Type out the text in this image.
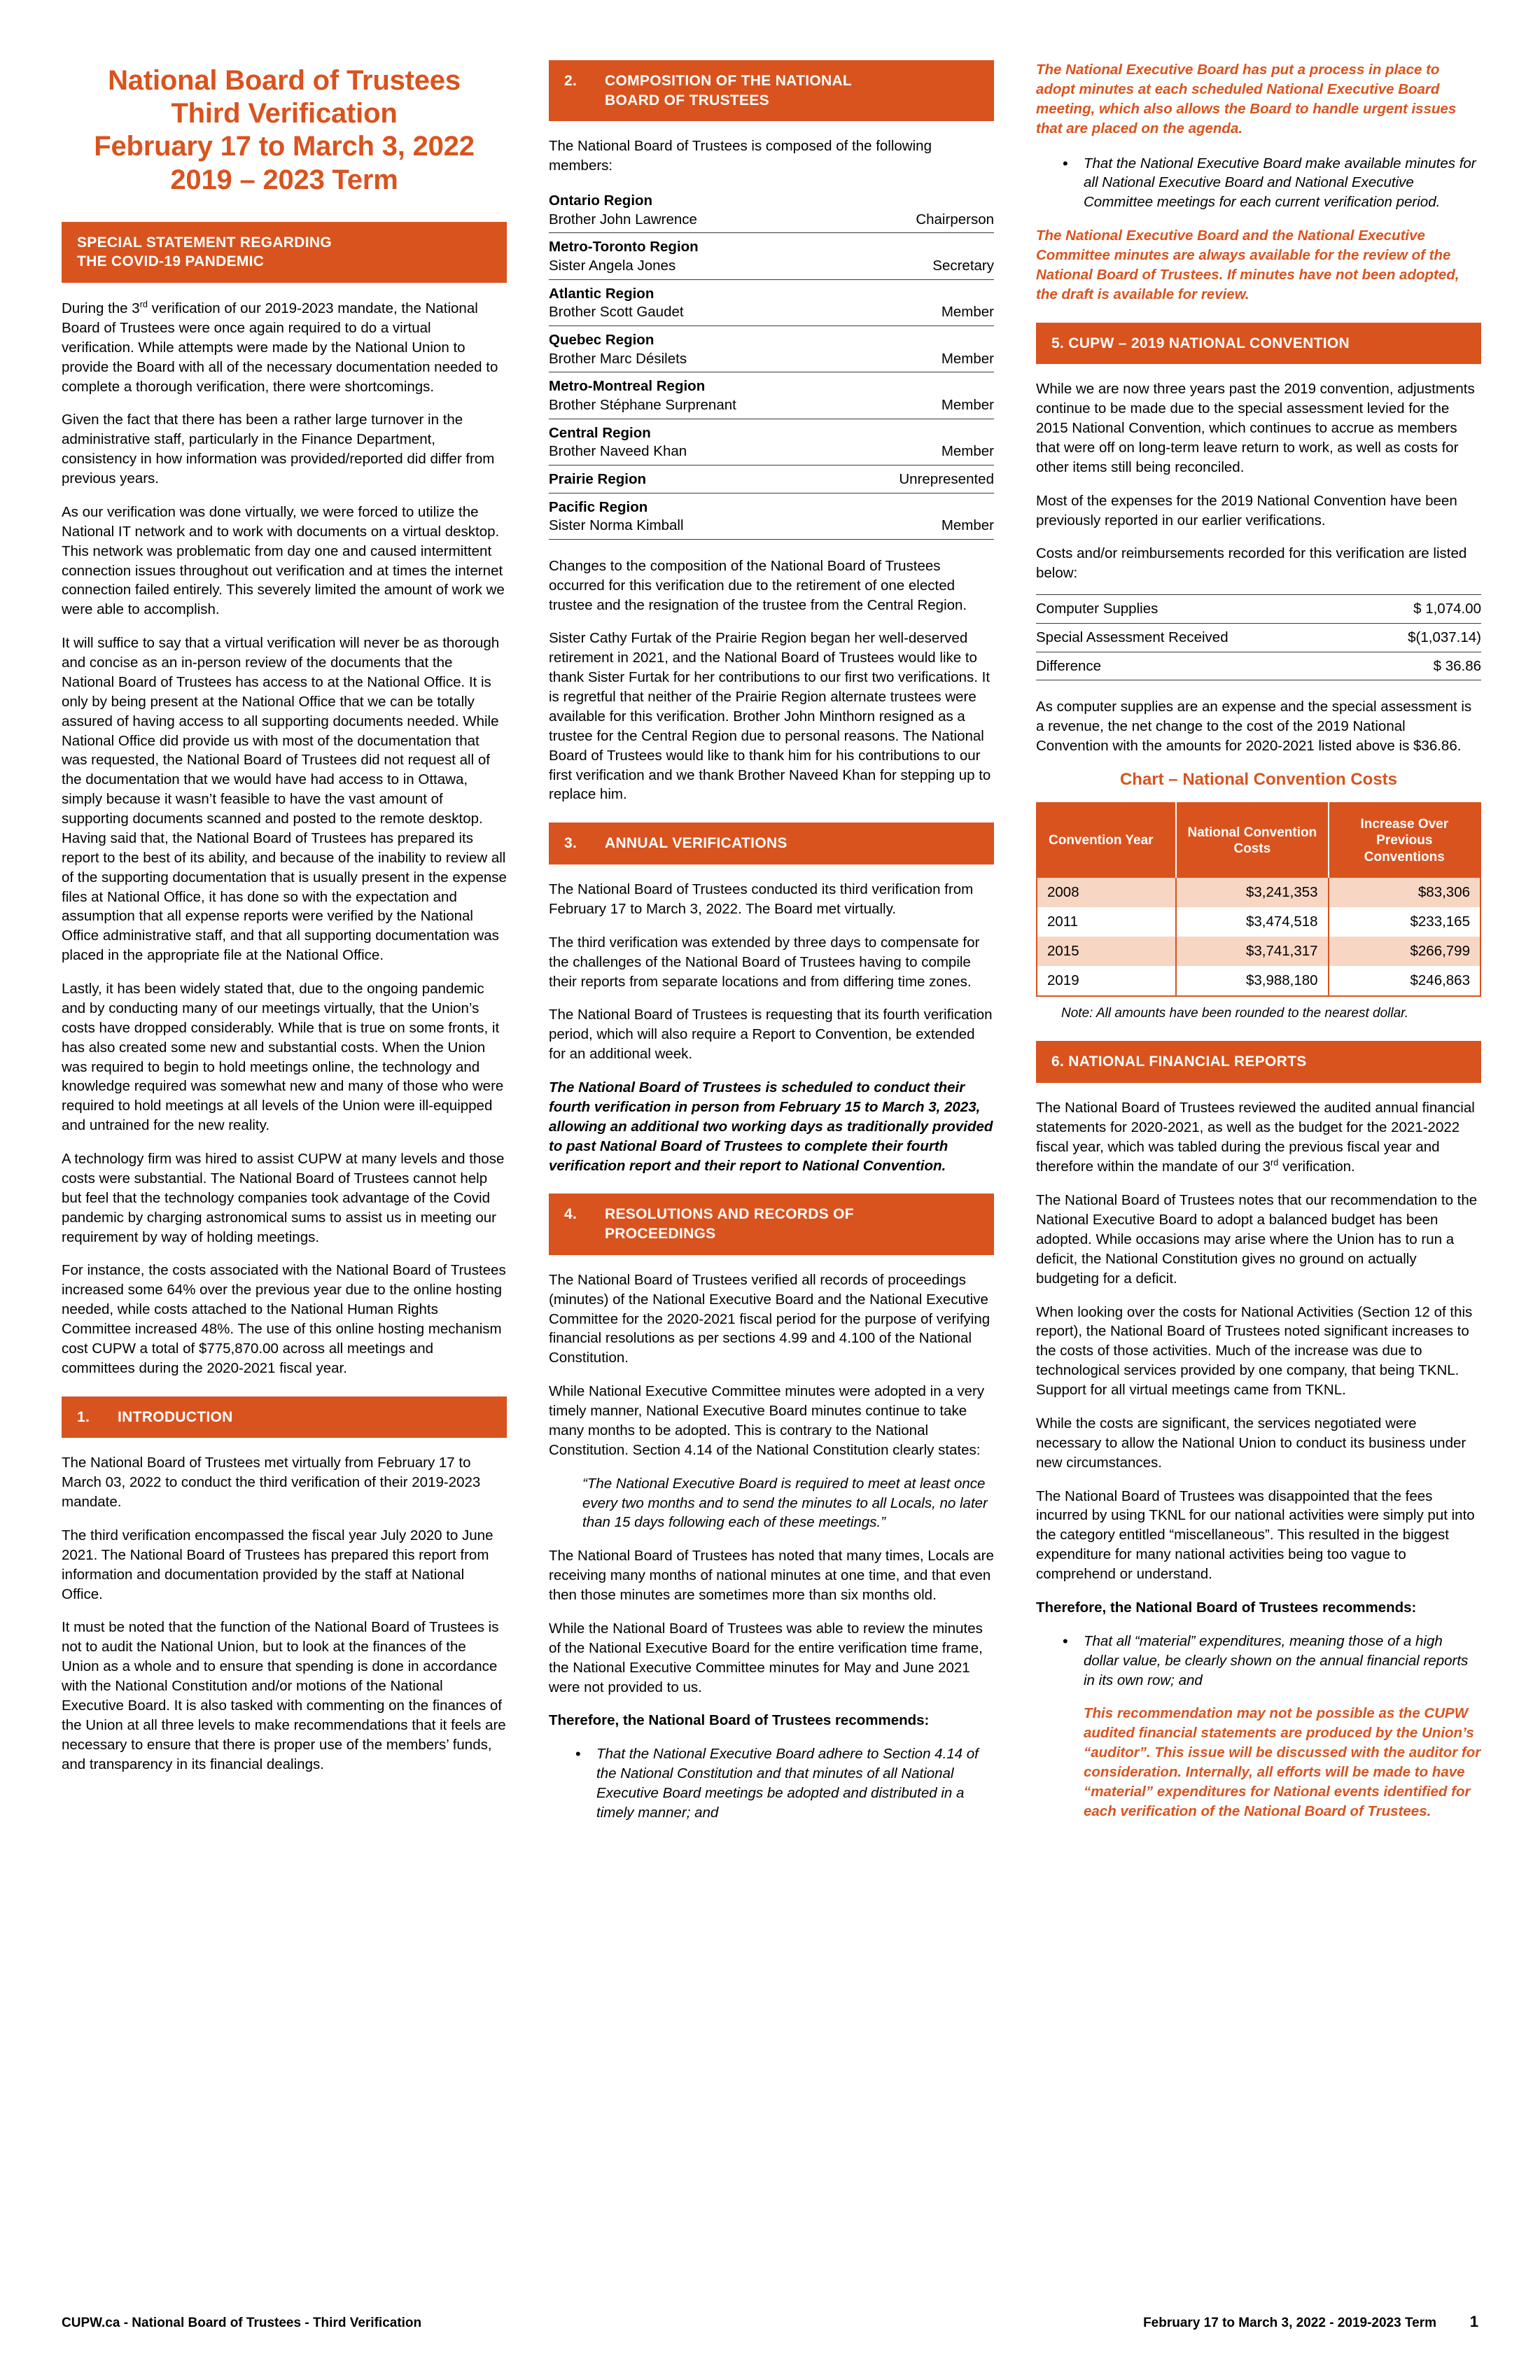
National Board of Trustees
Third Verification
February 17 to March 3, 2022
2019 – 2023 Term
SPECIAL STATEMENT REGARDING
THE COVID-19 PANDEMIC

During the 3rd verification of our 2019-2023 mandate, the National Board of Trustees were once again required to do a virtual verification. While attempts were made by the National Union to provide the Board with all of the necessary documentation needed to complete a thorough verification, there were shortcomings.

Given the fact that there has been a rather large turnover in the administrative staff, particularly in the Finance Department, consistency in how information was provided/reported did differ from previous years.

As our verification was done virtually, we were forced to utilize the National IT network and to work with documents on a virtual desktop. This network was problematic from day one and caused intermittent connection issues throughout out verification and at times the internet connection failed entirely. This severely limited the amount of work we were able to accomplish.

It will suffice to say that a virtual verification will never be as thorough and concise as an in-person review of the documents that the National Board of Trustees has access to at the National Office. It is only by being present at the National Office that we can be totally assured of having access to all supporting documents needed. While National Office did provide us with most of the documentation that was requested, the National Board of Trustees did not request all of the documentation that we would have had access to in Ottawa, simply because it wasn’t feasible to have the vast amount of supporting documents scanned and posted to the remote desktop. Having said that, the National Board of Trustees has prepared its report to the best of its ability, and because of the inability to review all of the supporting documentation that is usually present in the expense files at National Office, it has done so with the expectation and assumption that all expense reports were verified by the National Office administrative staff, and that all supporting documentation was placed in the appropriate file at the National Office.

Lastly, it has been widely stated that, due to the ongoing pandemic and by conducting many of our meetings virtually, that the Union’s costs have dropped considerably. While that is true on some fronts, it has also created some new and substantial costs. When the Union was required to begin to hold meetings online, the technology and knowledge required was somewhat new and many of those who were required to hold meetings at all levels of the Union were ill-equipped and untrained for the new reality.

A technology firm was hired to assist CUPW at many levels and those costs were substantial. The National Board of Trustees cannot help but feel that the technology companies took advantage of the Covid pandemic by charging astronomical sums to assist us in meeting our requirement by way of holding meetings.

For instance, the costs associated with the National Board of Trustees increased some 64% over the previous year due to the online hosting needed, while costs attached to the National Human Rights Committee increased 48%. The use of this online hosting mechanism cost CUPW a total of $775,870.00 across all meetings and committees during the 2020-2021 fiscal year.

1.	INTRODUCTION

The National Board of Trustees met virtually from February 17 to March 03, 2022 to conduct the third verification of their 2019-2023 mandate.

The third verification encompassed the fiscal year July 2020 to June 2021. The National Board of Trustees has prepared this report from information and documentation provided by the staff at National Office.

It must be noted that the function of the National Board of Trustees is not to audit the National Union, but to look at the finances of the Union as a whole and to ensure that spending is done in accordance with the National Constitution and/or motions of the National Executive Board. It is also tasked with commenting on the finances of the Union at all three levels to make recommendations that it feels are necessary to ensure that there is proper use of the members’ funds, and transparency in its financial dealings.

2.	COMPOSITION OF THE NATIONAL
BOARD OF TRUSTEES

The National Board of Trustees is composed of the following members:

Ontario Region
Brother John Lawrence	Chairperson

Metro-Toronto Region
Sister Angela Jones	Secretary

Atlantic Region
Brother Scott Gaudet	Member

Quebec Region
Brother Marc Désilets	Member

Metro-Montreal Region
Brother Stéphane Surprenant	Member

Central Region
Brother Naveed Khan	Member

Prairie Region	Unrepresented

Pacific Region
Sister Norma Kimball	Member

Changes to the composition of the National Board of Trustees occurred for this verification due to the retirement of one elected trustee and the resignation of the trustee from the Central Region.

Sister Cathy Furtak of the Prairie Region began her well-deserved retirement in 2021, and the National Board of Trustees would like to thank Sister Furtak for her contributions to our first two verifications. It is regretful that neither of the Prairie Region alternate trustees were available for this verification. Brother John Minthorn resigned as a trustee for the Central Region due to personal reasons. The National Board of Trustees would like to thank him for his contributions to our first verification and we thank Brother Naveed Khan for stepping up to replace him.

3.	ANNUAL VERIFICATIONS

The National Board of Trustees conducted its third verification from February 17 to March 3, 2022. The Board met virtually.

The third verification was extended by three days to compensate for the challenges of the National Board of Trustees having to compile their reports from separate locations and from differing time zones.

The National Board of Trustees is requesting that its fourth verification period, which will also require a Report to Convention, be extended for an additional week.

The National Board of Trustees is scheduled to conduct their fourth verification in person from February 15 to March 3, 2023, allowing an additional two working days as traditionally provided to past National Board of Trustees to complete their fourth verification report and their report to National Convention.

4.	RESOLUTIONS AND RECORDS OF
PROCEEDINGS

The National Board of Trustees verified all records of proceedings (minutes) of the National Executive Board and the National Executive Committee for the 2020-2021 fiscal period for the purpose of verifying financial resolutions as per sections 4.99 and 4.100 of the National Constitution.

While National Executive Committee minutes were adopted in a very timely manner, National Executive Board minutes continue to take many months to be adopted. This is contrary to the National Constitution. Section 4.14 of the National Constitution clearly states:

“The National Executive Board is required to meet at least once every two months and to send the minutes to all Locals, no later than 15 days following each of these meetings.”

The National Board of Trustees has noted that many times, Locals are receiving many months of national minutes at one time, and that even then those minutes are sometimes more than six months old.

While the National Board of Trustees was able to review the minutes of the National Executive Board for the entire verification time frame, the National Executive Committee minutes for May and June 2021 were not provided to us.

Therefore, the National Board of Trustees recommends:

• That the National Executive Board adhere to Section 4.14 of the National Constitution and that minutes of all National Executive Board meetings be adopted and distributed in a timely manner; and

The National Executive Board has put a process in place to adopt minutes at each scheduled National Executive Board meeting, which also allows the Board to handle urgent issues that are placed on the agenda.

• That the National Executive Board make available minutes for all National Executive Board and National Executive Committee meetings for each current verification period.

The National Executive Board and the National Executive Committee minutes are always available for the review of the National Board of Trustees. If minutes have not been adopted, the draft is available for review.

5. CUPW – 2019 NATIONAL CONVENTION

While we are now three years past the 2019 convention, adjustments continue to be made due to the special assessment levied for the 2015 National Convention, which continues to accrue as members that were off on long-term leave return to work, as well as costs for other items still being reconciled.

Most of the expenses for the 2019 National Convention have been previously reported in our earlier verifications.

Costs and/or reimbursements recorded for this verification are listed below:

Computer Supplies	$ 1,074.00
Special Assessment Received	$(1,037.14)
Difference	$ 36.86

As computer supplies are an expense and the special assessment is a revenue, the net change to the cost of the 2019 National Convention with the amounts for 2020-2021 listed above is $36.86.

Chart – National Convention Costs
Convention Year	National Convention Costs	Increase Over Previous Conventions
2008	$3,241,353	$83,306
2011	$3,474,518	$233,165
2015	$3,741,317	$266,799
2019	$3,988,180	$246,863
Note: All amounts have been rounded to the nearest dollar.
6. NATIONAL FINANCIAL REPORTS

The National Board of Trustees reviewed the audited annual financial statements for 2020-2021, as well as the budget for the 2021-2022 fiscal year, which was tabled during the previous fiscal year and therefore within the mandate of our 3rd verification.

The National Board of Trustees notes that our recommendation to the National Executive Board to adopt a balanced budget has been adopted. While occasions may arise where the Union has to run a deficit, the National Constitution gives no ground on actually budgeting for a deficit.

When looking over the costs for National Activities (Section 12 of this report), the National Board of Trustees noted significant increases to the costs of those activities. Much of the increase was due to technological services provided by one company, that being TKNL. Support for all virtual meetings came from TKNL.

While the costs are significant, the services negotiated were necessary to allow the National Union to conduct its business under new circumstances.

The National Board of Trustees was disappointed that the fees incurred by using TKNL for our national activities were simply put into the category entitled “miscellaneous”. This resulted in the biggest expenditure for many national activities being too vague to comprehend or understand.

Therefore, the National Board of Trustees recommends:

• That all “material” expenditures, meaning those of a high dollar value, be clearly shown on the annual financial reports in its own row; and

This recommendation may not be possible as the CUPW audited financial statements are produced by the Union’s “auditor”. This issue will be discussed with the auditor for consideration. Internally, all efforts will be made to have “material” expenditures for National events identified for each verification of the National Board of Trustees.

CUPW.ca - National Board of Trustees - Third Verification	February 17 to March 3, 2022 - 2019-2023 Term	1
